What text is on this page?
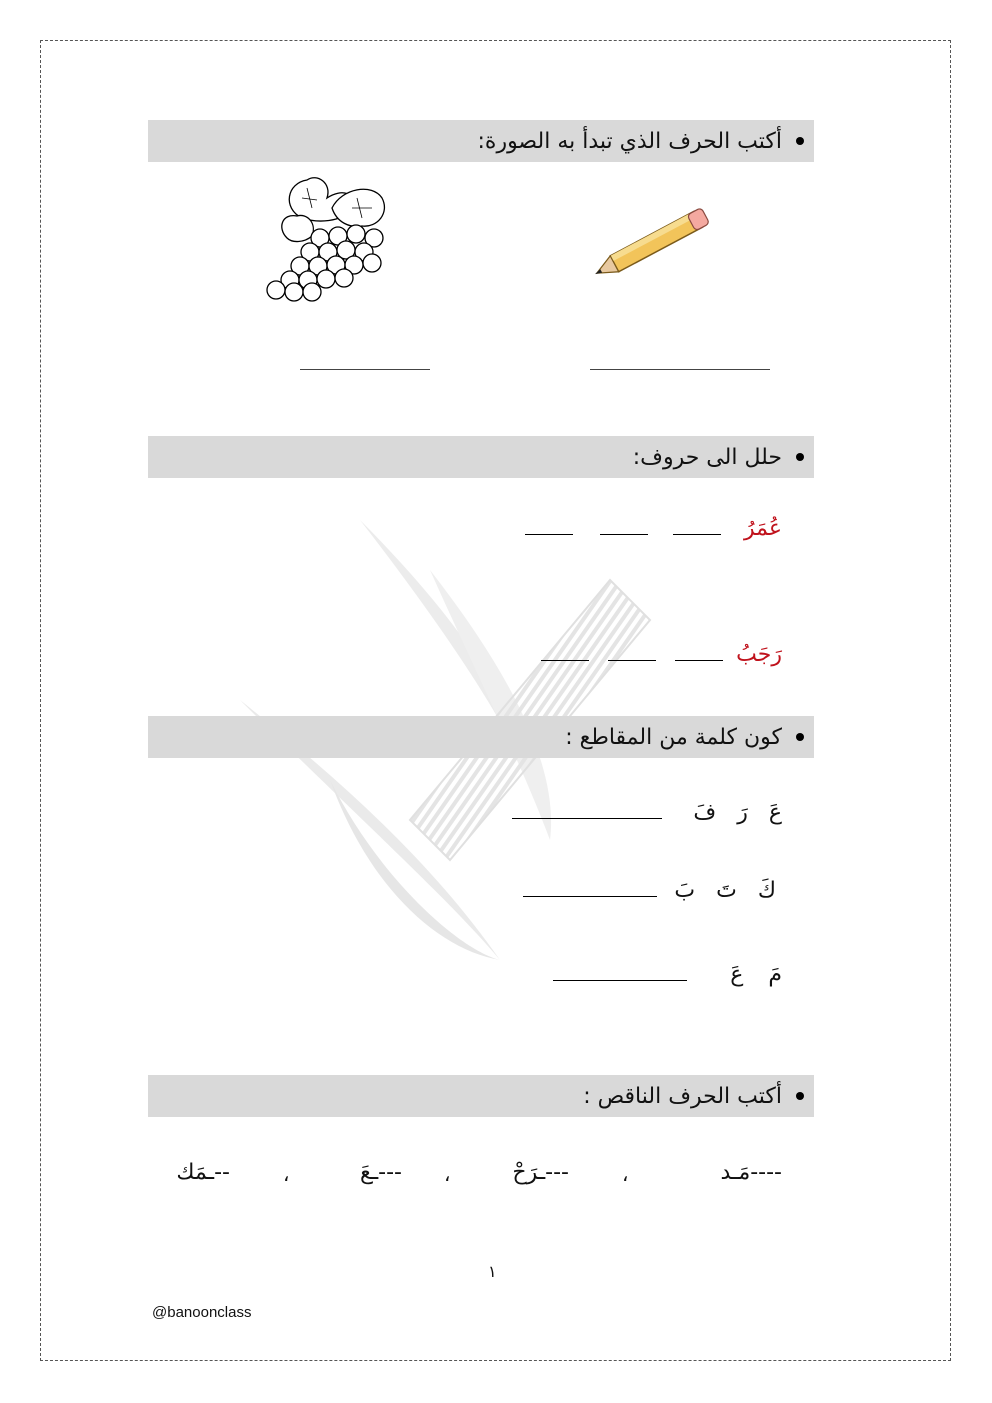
أكتب الحرف الذي تبدأ به الصورة:
حلل الى حروف:
عُمَرُ
رَجَبُ
كون كلمة من المقاطع :
عَ رَ فَ
كَ تَ بَ
مَ عَ
أكتب الحرف الناقص :
----مَـد
،
---ـرَحْ
،
---ـعَ
،
--ـمَك
١
@banoonclass
